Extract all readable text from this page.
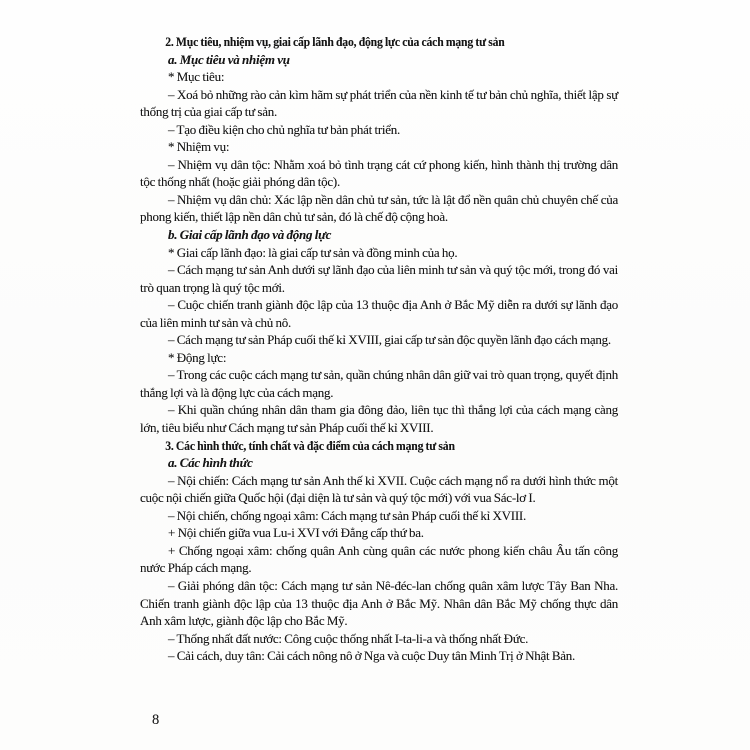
2. Mục tiêu, nhiệm vụ, giai cấp lãnh đạo, động lực của cách mạng tư sản

a. Mục tiêu và nhiệm vụ

* Mục tiêu:

– Xoá bỏ những rào cản kìm hãm sự phát triển của nền kinh tế tư bản chủ nghĩa, thiết lập sự thống trị của giai cấp tư sản.

– Tạo điều kiện cho chủ nghĩa tư bản phát triển.

* Nhiệm vụ:

– Nhiệm vụ dân tộc: Nhằm xoá bỏ tình trạng cát cứ phong kiến, hình thành thị trường dân tộc thống nhất (hoặc giải phóng dân tộc).

– Nhiệm vụ dân chủ: Xác lập nền dân chủ tư sản, tức là lật đổ nền quân chủ chuyên chế của phong kiến, thiết lập nền dân chủ tư sản, đó là chế độ cộng hoà.

b. Giai cấp lãnh đạo và động lực

* Giai cấp lãnh đạo: là giai cấp tư sản và đồng minh của họ.

– Cách mạng tư sản Anh dưới sự lãnh đạo của liên minh tư sản và quý tộc mới, trong đó vai trò quan trọng là quý tộc mới.

– Cuộc chiến tranh giành độc lập của 13 thuộc địa Anh ở Bắc Mỹ diễn ra dưới sự lãnh đạo của liên minh tư sản và chủ nô.

– Cách mạng tư sản Pháp cuối thế kỉ XVIII, giai cấp tư sản độc quyền lãnh đạo cách mạng.

* Động lực:

– Trong các cuộc cách mạng tư sản, quần chúng nhân dân giữ vai trò quan trọng, quyết định thắng lợi và là động lực của cách mạng.

– Khi quần chúng nhân dân tham gia đông đảo, liên tục thì thắng lợi của cách mạng càng lớn, tiêu biểu như Cách mạng tư sản Pháp cuối thế kỉ XVIII.

3. Các hình thức, tính chất và đặc điểm của cách mạng tư sản

a. Các hình thức

– Nội chiến: Cách mạng tư sản Anh thế kỉ XVII. Cuộc cách mạng nổ ra dưới hình thức một cuộc nội chiến giữa Quốc hội (đại diện là tư sản và quý tộc mới) với vua Sác-lơ I.

– Nội chiến, chống ngoại xâm: Cách mạng tư sản Pháp cuối thế kỉ XVIII.

+ Nội chiến giữa vua Lu-i XVI với Đẳng cấp thứ ba.

+ Chống ngoại xâm: chống quân Anh cùng quân các nước phong kiến châu Âu tấn công nước Pháp cách mạng.

– Giải phóng dân tộc: Cách mạng tư sản Nê-đéc-lan chống quân xâm lược Tây Ban Nha. Chiến tranh giành độc lập của 13 thuộc địa Anh ở Bắc Mỹ. Nhân dân Bắc Mỹ chống thực dân Anh xâm lược, giành độc lập cho Bắc Mỹ.

– Thống nhất đất nước: Công cuộc thống nhất I-ta-li-a và thống nhất Đức.

– Cải cách, duy tân: Cải cách nông nô ở Nga và cuộc Duy tân Minh Trị ở Nhật Bản.

8
